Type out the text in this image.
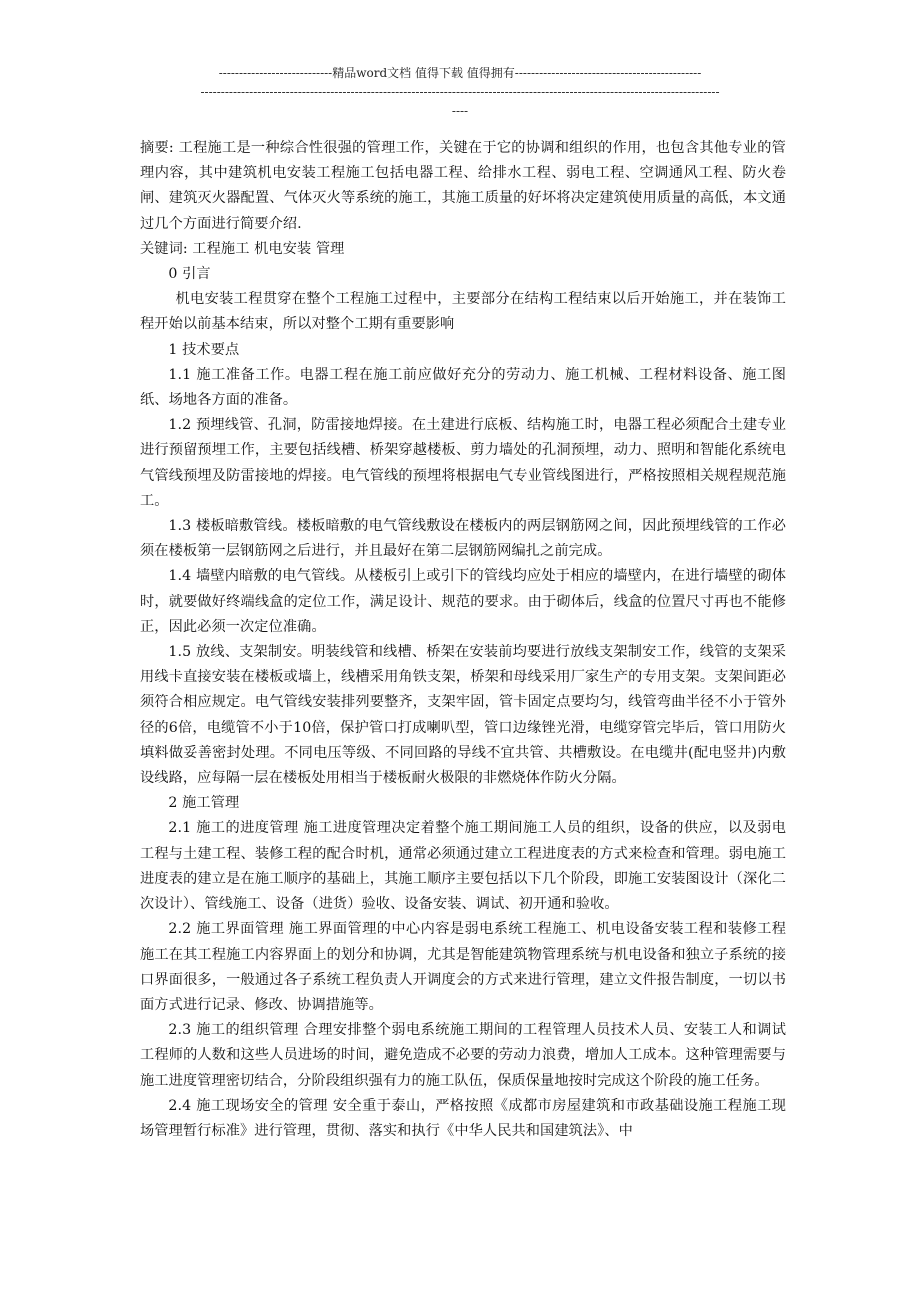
----------------------------精品word文档 值得下载 值得拥有----------------------------------------------
--------------------------------------------------------------------------------------------------------------------------------
----

摘要: 工程施工是一种综合性很强的管理工作，关键在于它的协调和组织的作用，也包含其他专业的管理内容，其中建筑机电安装工程施工包括电器工程、给排水工程、弱电工程、空调通风工程、防火卷闸、建筑灭火器配置、气体灭火等系统的施工，其施工质量的好坏将决定建筑使用质量的高低，本文通过几个方面进行简要介绍.

关键词: 工程施工 机电安装 管理

0 引言

机电安装工程贯穿在整个工程施工过程中，主要部分在结构工程结束以后开始施工，并在装饰工程开始以前基本结束，所以对整个工期有重要影响

1 技术要点

1.1 施工准备工作。电器工程在施工前应做好充分的劳动力、施工机械、工程材料设备、施工图纸、场地各方面的准备。

1.2 预埋线管、孔洞，防雷接地焊接。在土建进行底板、结构施工时，电器工程必须配合土建专业进行预留预埋工作，主要包括线槽、桥架穿越楼板、剪力墙处的孔洞预埋，动力、照明和智能化系统电气管线预埋及防雷接地的焊接。电气管线的预埋将根据电气专业管线图进行，严格按照相关规程规范施工。

1.3 楼板暗敷管线。楼板暗敷的电气管线敷设在楼板内的两层钢筋网之间，因此预埋线管的工作必须在楼板第一层钢筋网之后进行，并且最好在第二层钢筋网编扎之前完成。

1.4 墙壁内暗敷的电气管线。从楼板引上或引下的管线均应处于相应的墙壁内，在进行墙壁的砌体时，就要做好终端线盒的定位工作，满足设计、规范的要求。由于砌体后，线盒的位置尺寸再也不能修正，因此必须一次定位准确。

1.5 放线、支架制安。明装线管和线槽、桥架在安装前均要进行放线支架制安工作，线管的支架采用线卡直接安装在楼板或墙上，线槽采用角铁支架，桥架和母线采用厂家生产的专用支架。支架间距必须符合相应规定。电气管线安装排列要整齐，支架牢固，管卡固定点要均匀，线管弯曲半径不小于管外径的6倍，电缆管不小于10倍，保护管口打成喇叭型，管口边缘锉光滑，电缆穿管完毕后，管口用防火填料做妥善密封处理。不同电压等级、不同回路的导线不宜共管、共槽敷设。在电缆井(配电竖井)内敷设线路，应每隔一层在楼板处用相当于楼板耐火极限的非燃烧体作防火分隔。

2 施工管理

2.1 施工的进度管理 施工进度管理决定着整个施工期间施工人员的组织，设备的供应，以及弱电工程与土建工程、装修工程的配合时机，通常必须通过建立工程进度表的方式来检查和管理。弱电施工进度表的建立是在施工顺序的基础上，其施工顺序主要包括以下几个阶段，即施工安装图设计（深化二次设计）、管线施工、设备（进货）验收、设备安装、调试、初开通和验收。

2.2 施工界面管理 施工界面管理的中心内容是弱电系统工程施工、机电设备安装工程和装修工程施工在其工程施工内容界面上的划分和协调，尤其是智能建筑物管理系统与机电设备和独立子系统的接口界面很多，一般通过各子系统工程负责人开调度会的方式来进行管理，建立文件报告制度，一切以书面方式进行记录、修改、协调措施等。

2.3 施工的组织管理 合理安排整个弱电系统施工期间的工程管理人员技术人员、安装工人和调试工程师的人数和这些人员进场的时间，避免造成不必要的劳动力浪费，增加人工成本。这种管理需要与施工进度管理密切结合，分阶段组织强有力的施工队伍，保质保量地按时完成这个阶段的施工任务。

2.4 施工现场安全的管理 安全重于泰山，严格按照《成都市房屋建筑和市政基础设施工程施工现场管理暂行标准》进行管理，贯彻、落实和执行《中华人民共和国建筑法》、中
